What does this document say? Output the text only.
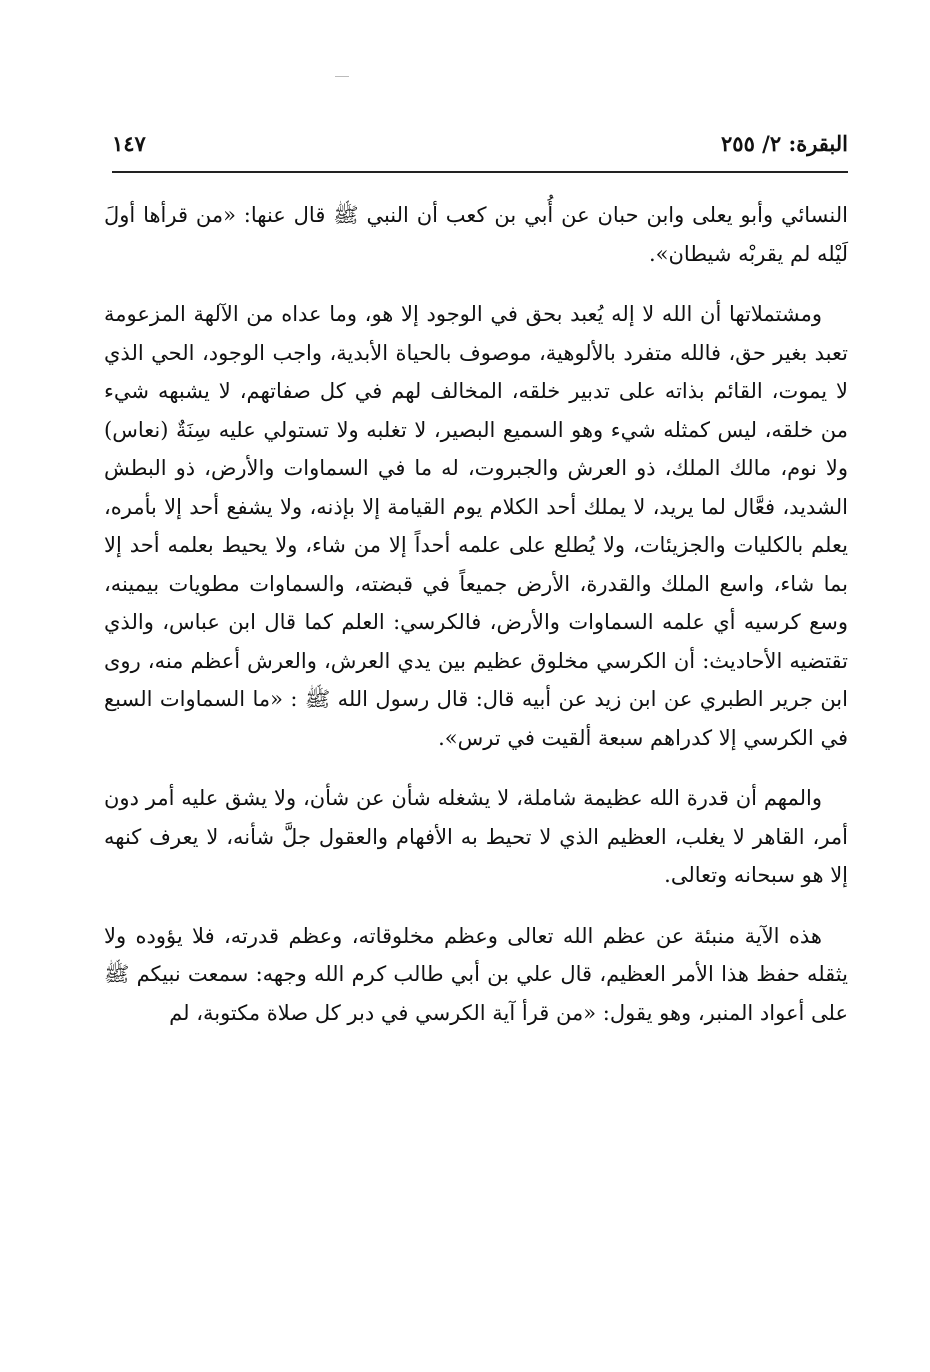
البقرة: ٢/ ٢٥٥
١٤٧

النسائي وأبو يعلى وابن حبان عن أُبي بن كعب أن النبي ﷺ قال عنها: «من قرأها أولَ لَيْله لم يقربْه شيطان».

ومشتملاتها أن الله لا إله يُعبد بحق في الوجود إلا هو، وما عداه من الآلهة المزعومة تعبد بغير حق، فالله متفرد بالألوهية، موصوف بالحياة الأبدية، واجب الوجود، الحي الذي لا يموت، القائم بذاته على تدبير خلقه، المخالف لهم في كل صفاتهم، لا يشبهه شيء من خلقه، ليس كمثله شيء وهو السميع البصير، لا تغلبه ولا تستولي عليه سِنَةٌ (نعاس) ولا نوم، مالك الملك، ذو العرش والجبروت، له ما في السماوات والأرض، ذو البطش الشديد، فعَّال لما يريد، لا يملك أحد الكلام يوم القيامة إلا بإذنه، ولا يشفع أحد إلا بأمره، يعلم بالكليات والجزيئات، ولا يُطلع على علمه أحداً إلا من شاء، ولا يحيط بعلمه أحد إلا بما شاء، واسع الملك والقدرة، الأرض جميعاً في قبضته، والسماوات مطويات بيمينه، وسع كرسيه أي علمه السماوات والأرض، فالكرسي: العلم كما قال ابن عباس، والذي تقتضيه الأحاديث: أن الكرسي مخلوق عظيم بين يدي العرش، والعرش أعظم منه، روى ابن جرير الطبري عن ابن زيد عن أبيه قال: قال رسول الله ﷺ : «ما السماوات السبع في الكرسي إلا كدراهم سبعة ألقيت في ترس».

والمهم أن قدرة الله عظيمة شاملة، لا يشغله شأن عن شأن، ولا يشق عليه أمر دون أمر، القاهر لا يغلب، العظيم الذي لا تحيط به الأفهام والعقول جلَّ شأنه، لا يعرف كنهه إلا هو سبحانه وتعالى.

هذه الآية منبئة عن عظم الله تعالى وعظم مخلوقاته، وعظم قدرته، فلا يؤوده ولا يثقله حفظ هذا الأمر العظيم، قال علي بن أبي طالب كرم الله وجهه: سمعت نبيكم ﷺ على أعواد المنبر، وهو يقول: «من قرأ آية الكرسي في دبر كل صلاة مكتوبة، لم
